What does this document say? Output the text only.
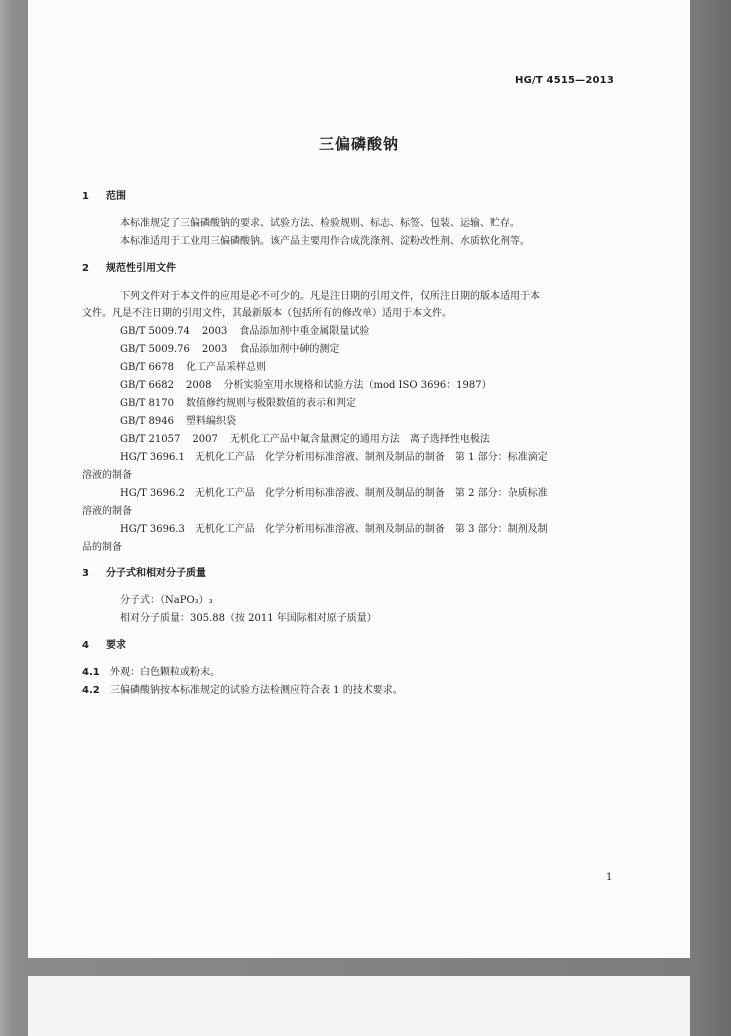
HG/T 4515—2013
三偏磷酸钠
1 范围
本标准规定了三偏磷酸钠的要求、试验方法、检验规则、标志、标签、包装、运输、贮存。
本标准适用于工业用三偏磷酸钠。该产品主要用作合成洗涤剂、淀粉改性剂、水质软化剂等。
2 规范性引用文件
下列文件对于本文件的应用是必不可少的。凡是注日期的引用文件，仅所注日期的版本适用于本
文件。凡是不注日期的引用文件，其最新版本（包括所有的修改单）适用于本文件。
GB/T 5009.74 2003 食品添加剂中重金属限量试验
GB/T 5009.76 2003 食品添加剂中砷的测定
GB/T 6678 化工产品采样总则
GB/T 6682 2008 分析实验室用水规格和试验方法（mod ISO 3696：1987）
GB/T 8170 数值修约规则与极限数值的表示和判定
GB/T 8946 塑料编织袋
GB/T 21057 2007 无机化工产品中氟含量测定的通用方法　离子选择性电极法
HG/T 3696.1　无机化工产品　化学分析用标准溶液、制剂及制品的制备　第 1 部分：标准滴定
溶液的制备
HG/T 3696.2　无机化工产品　化学分析用标准溶液、制剂及制品的制备　第 2 部分：杂质标准
溶液的制备
HG/T 3696.3　无机化工产品　化学分析用标准溶液、制剂及制品的制备　第 3 部分：制剂及制
品的制备
3 分子式和相对分子质量
分子式：（NaPO₃）₃
相对分子质量：305.88（按 2011 年国际相对原子质量）
4 要求
4.1 外观：白色颗粒或粉末。
4.2 三偏磷酸钠按本标准规定的试验方法检测应符合表 1 的技术要求。
1
